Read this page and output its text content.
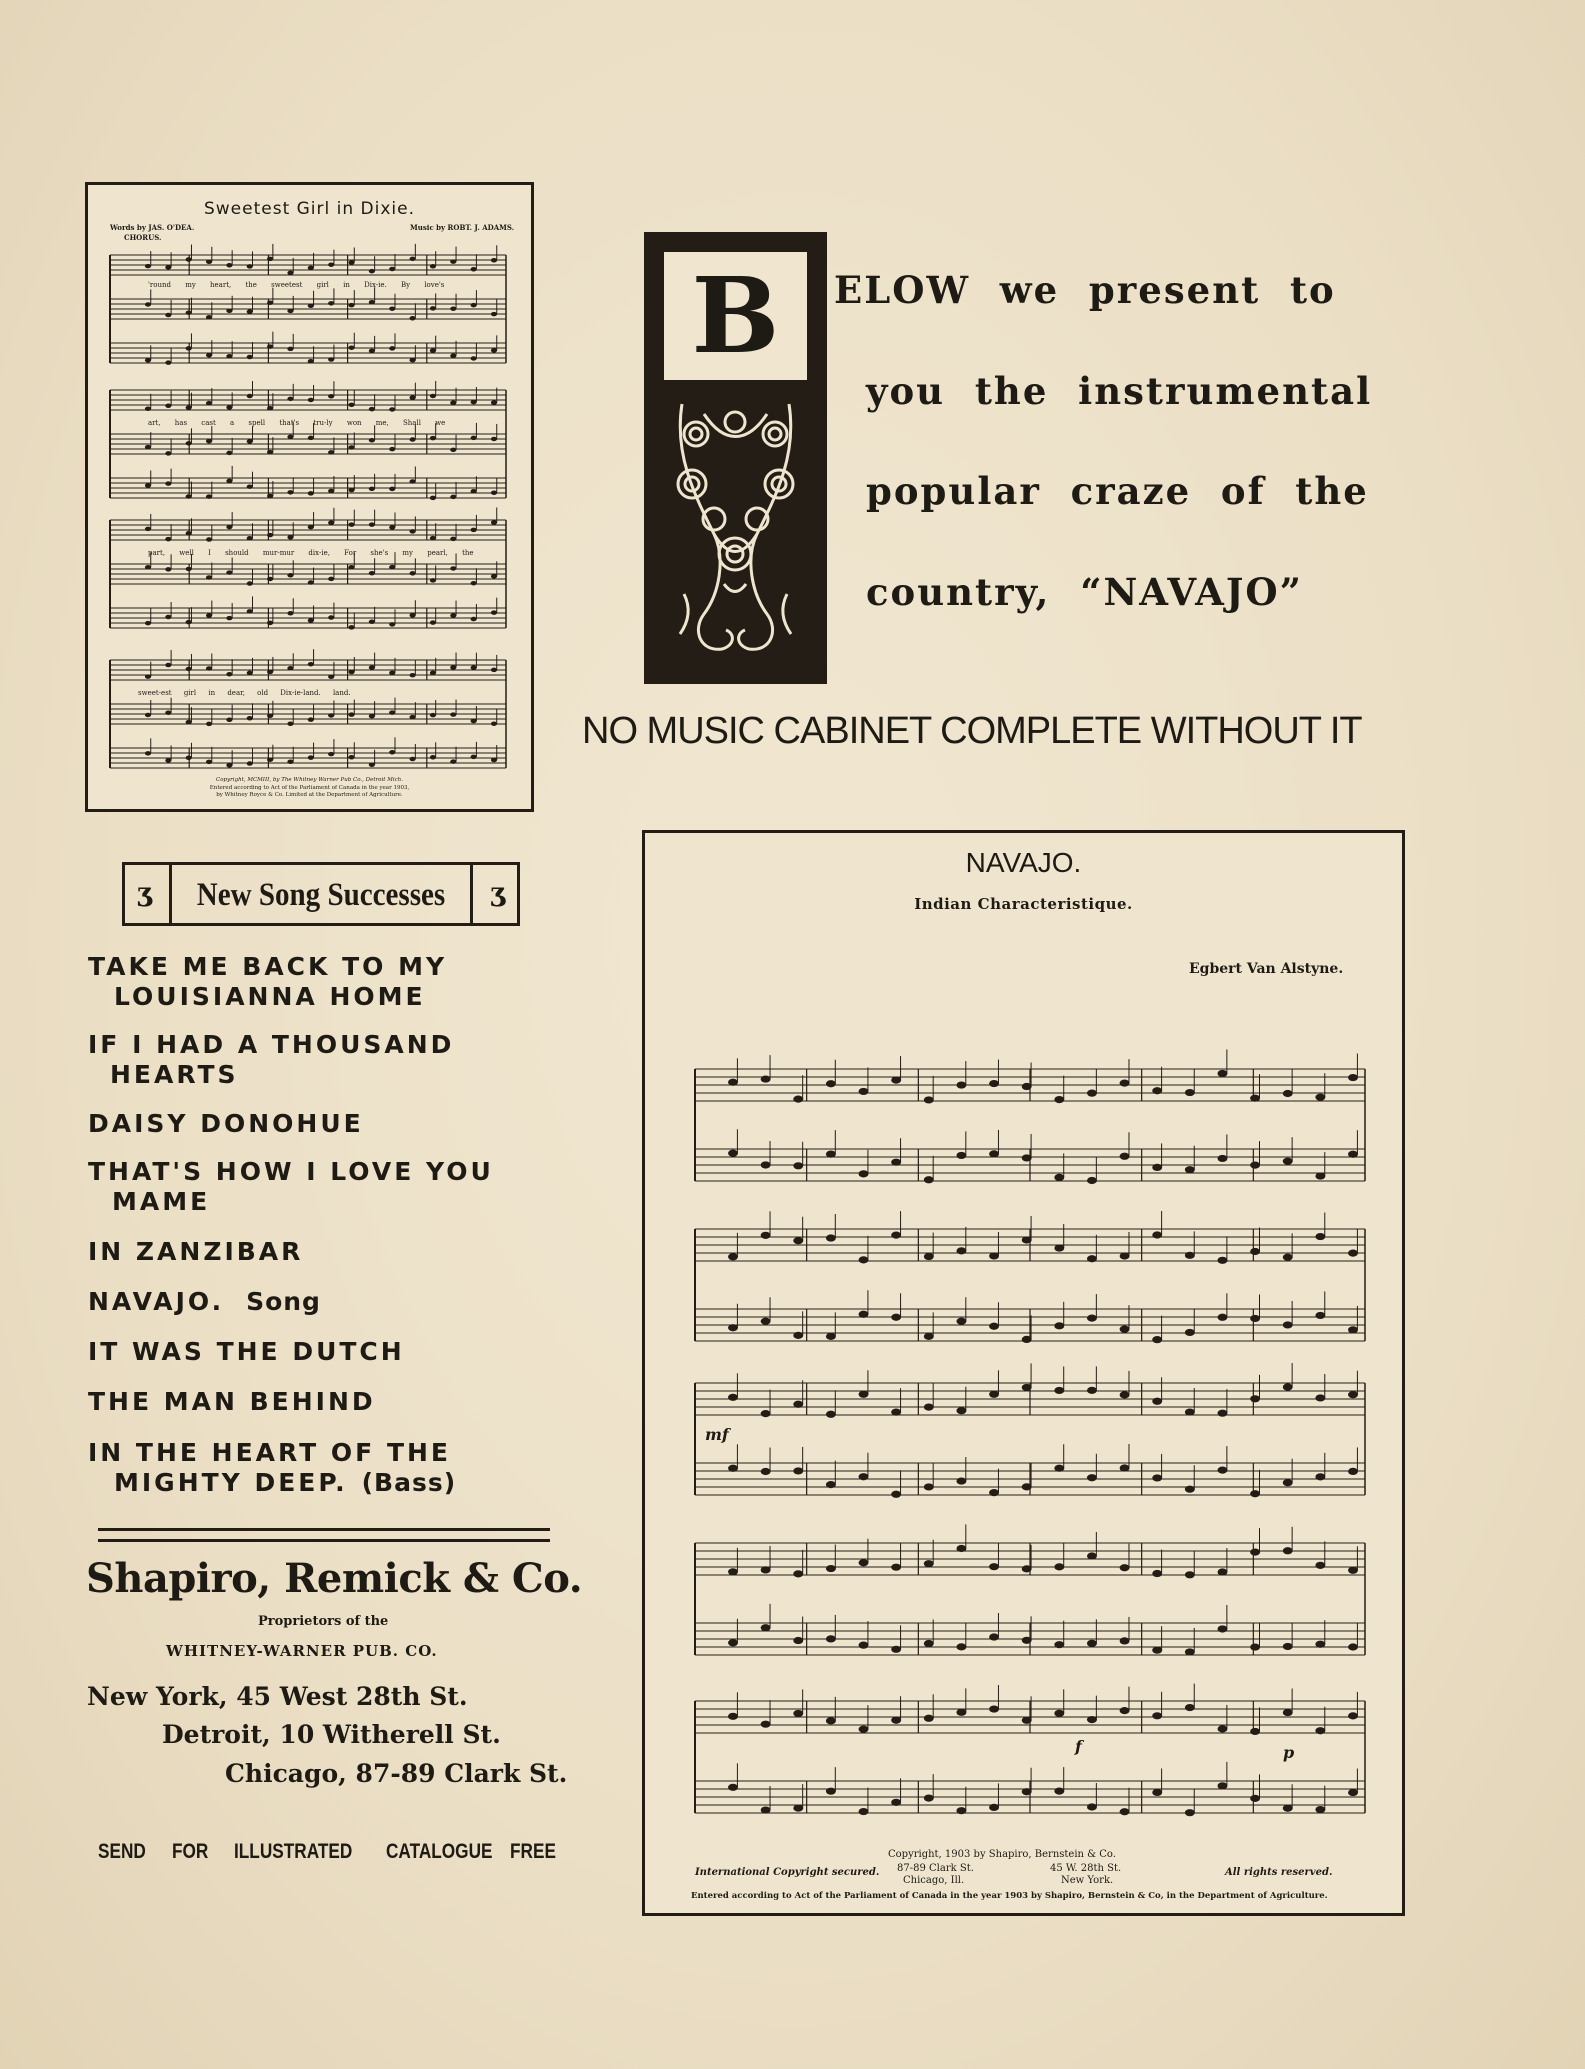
Sweetest Girl in Dixie.
Words by JAS. O'DEA.	Music by ROBT. J. ADAMS.
CHORUS.
'round my heart, the sweetest girl in Dix-ie. By love's
art, has cast a spell that's tru-ly won me, Shall we
part, well I should mur-mur dix-ie, For she's my pearl, the
sweet-est girl in dear, old Dix-ie-land. land.
Copyright, MCMIII, by The Whitney Warner Pub Co., Detroit Mich.
Entered according to Act of the Parliament of Canada in the year 1903,
by Whitney Royce & Co. Limited at the Department of Agriculture.
B	ELOW  we  present  to
you  the  instrumental
popular  craze  of  the
country,  “NAVAJO”
NO MUSIC CABINET COMPLETE WITHOUT IT
ʒ New Song Successes ʒ
TAKE ME BACK TO MY
LOUISIANNA HOME
IF I HAD A THOUSAND
HEARTS
DAISY DONOHUE
THAT'S HOW I LOVE YOU
MAME
IN ZANZIBAR
NAVAJO. Song
IT WAS THE DUTCH
THE MAN BEHIND
IN THE HEART OF THE
MIGHTY DEEP. (Bass)
Shapiro, Remick & Co.
Proprietors of the
WHITNEY-WARNER PUB. CO.
New York, 45 West 28th St.
Detroit, 10 Witherell St.
Chicago, 87-89 Clark St.
SEND FOR ILLUSTRATED CATALOGUE FREE
NAVAJO.
Indian Characteristique.
Egbert Van Alstyne.
mf
f	p
International Copyright secured.
Copyright, 1903 by Shapiro, Bernstein & Co.
87-89 Clark St.
Chicago, Ill.
45 W. 28th St.
New York.
All rights reserved.
Entered according to Act of the Parliament of Canada in the year 1903 by Shapiro, Bernstein & Co, in the Department of Agriculture.
